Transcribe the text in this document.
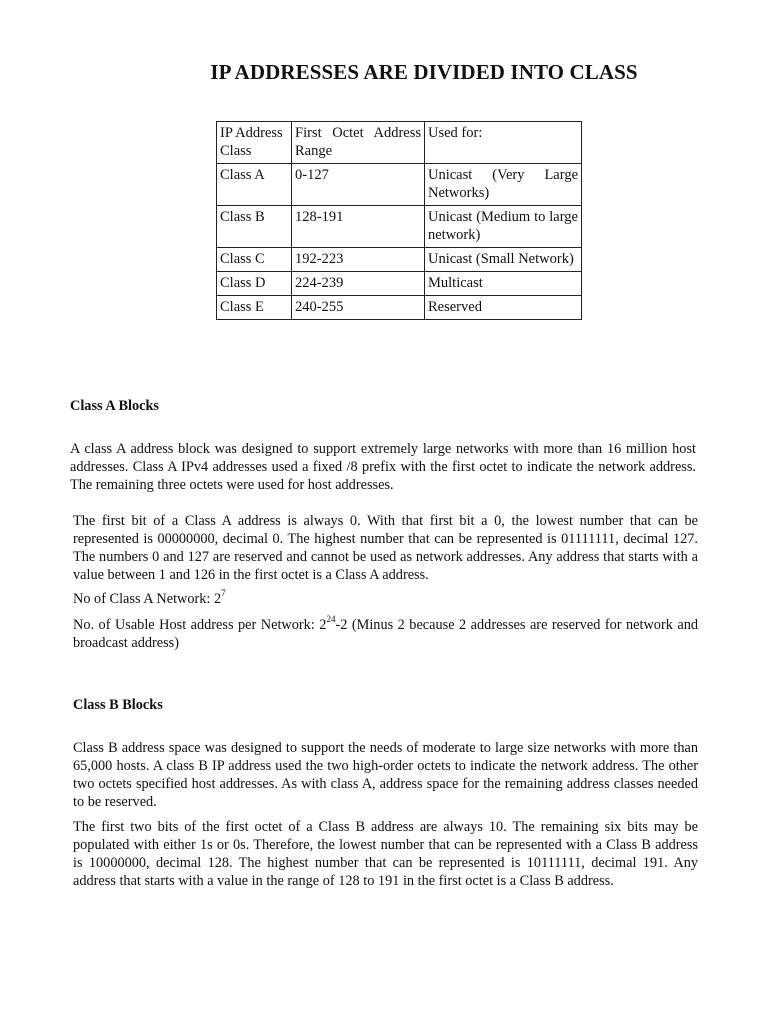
IP ADDRESSES ARE DIVIDED INTO CLASS
IP Address Class	First Octet Address Range	Used for:
Class A	0-127	Unicast (Very Large Networks)
Class B	128-191	Unicast (Medium to large network)
Class C	192-223	Unicast (Small Network)
Class D	224-239	Multicast
Class E	240-255	Reserved

Class A Blocks

A class A address block was designed to support extremely large networks with more than 16 million host addresses. Class A IPv4 addresses used a fixed /8 prefix with the first octet to indicate the network address. The remaining three octets were used for host addresses.

The first bit of a Class A address is always 0. With that first bit a 0, the lowest number that can be represented is 00000000, decimal 0. The highest number that can be represented is 01111111, decimal 127. The numbers 0 and 127 are reserved and cannot be used as network addresses. Any address that starts with a value between 1 and 126 in the first octet is a Class A address.

No of Class A Network: $2^7$

No. of Usable Host address per Network: $2^{24}-2$ (Minus 2 because 2 addresses are reserved for network and broadcast address)

Class B Blocks

Class B address space was designed to support the needs of moderate to large size networks with more than 65,000 hosts. A class B IP address used the two high-order octets to indicate the network address. The other two octets specified host addresses. As with class A, address space for the remaining address classes needed to be reserved.

The first two bits of the first octet of a Class B address are always 10. The remaining six bits may be populated with either 1s or 0s. Therefore, the lowest number that can be represented with a Class B address is 10000000, decimal 128. The highest number that can be represented is 10111111, decimal 191. Any address that starts with a value in the range of 128 to 191 in the first octet is a Class B address.
